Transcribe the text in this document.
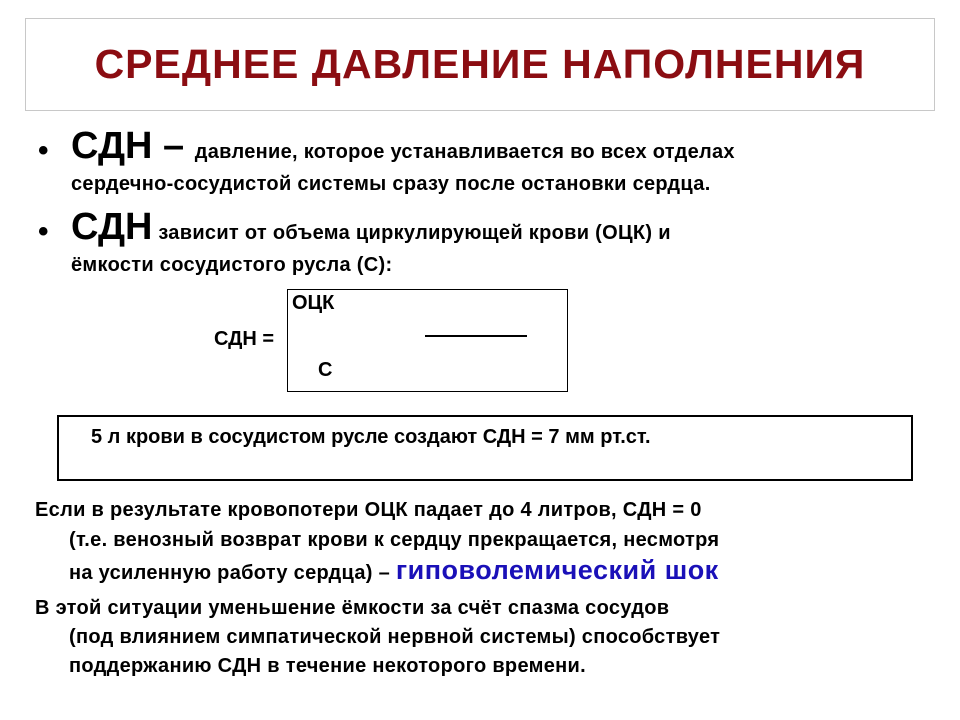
СРЕДНЕЕ ДАВЛЕНИЕ НАПОЛНЕНИЯ
• СДН – давление, которое устанавливается во всех отделах
сердечно-сосудистой системы сразу после остановки сердца.
• СДН зависит от объема циркулирующей крови (ОЦК) и
ёмкости сосудистого русла (С):
ОЦК
СДН =
С
5 л крови в сосудистом русле создают СДН = 7 мм рт.ст.
Если в результате кровопотери ОЦК падает до 4 литров, СДН = 0
(т.е. венозный возврат крови к сердцу прекращается, несмотря
на усиленную работу сердца) – гиповолемический шок
В этой ситуации уменьшение ёмкости за счёт спазма сосудов
(под влиянием симпатической нервной системы) способствует
поддержанию СДН в течение некоторого времени.
